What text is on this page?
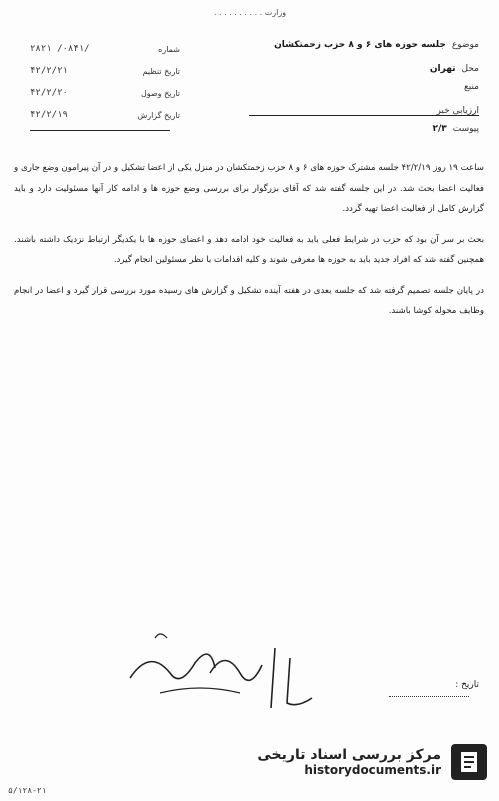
وزارت . . . . . . . . . .
شماره
۲۸۲۱ /۰۸۴۱/
تاریخ تنظیم
۴۲/۲/۲۱
تاریخ وصول
۴۲/۲/۲۰
تاریخ گزارش
۴۲/۲/۱۹
موضوع
جلسه حوزه های ۶ و ۸ حزب زحمتکشان
محل
تهران
منبع
ارزیابی خبر
پیوست
۲/۳

ساعت ۱۹ روز ۴۲/۲/۱۹ جلسه مشترک حوزه های ۶ و ۸ حزب زحمتکشان در منزل یکی از اعضا تشکیل و در آن پیرامون وضع جاری و فعالیت اعضا بحث شد. در این جلسه گفته شد که آقای بزرگوار برای بررسی وضع حوزه ها و ادامه کار آنها مسئولیت دارد و باید گزارش کامل از فعالیت اعضا تهیه گردد.

بحث بر سر آن بود که حزب در شرایط فعلی باید به فعالیت خود ادامه دهد و اعضای حوزه ها با یکدیگر ارتباط نزدیک داشته باشند. همچنین گفته شد که افراد جدید باید به حوزه ها معرفی شوند و کلیه اقدامات با نظر مسئولین انجام گیرد.

در پایان جلسه تصمیم گرفته شد که جلسه بعدی در هفته آینده تشکیل و گزارش های رسیده مورد بررسی قرار گیرد و اعضا در انجام وظایف محوله کوشا باشند.

تاریخ :
۵/۱۲۸-۲۱
مرکز بررسی اسناد تاریخی
historydocuments.ir
